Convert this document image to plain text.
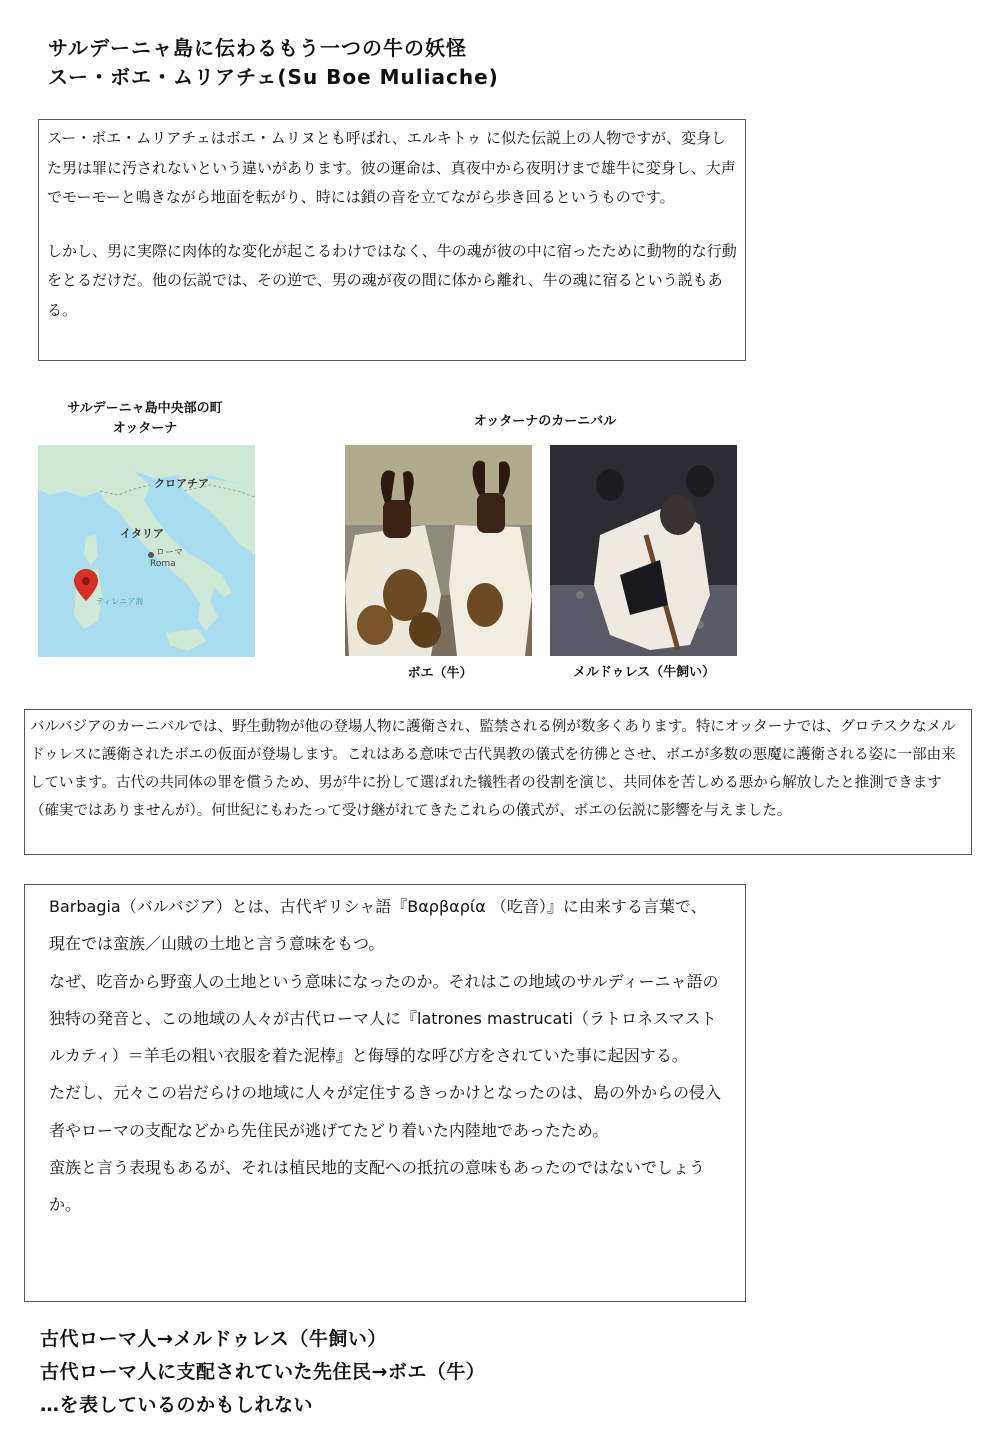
サルデーニャ島に伝わるもう一つの牛の妖怪
スー・ボエ・ムリアチェ(Su Boe Muliache)

スー・ボエ・ムリアチェはボエ・ムリヌとも呼ばれ、エルキトゥ に似た伝説上の人物ですが、変身した男は罪に汚されないという違いがあります。彼の運命は、真夜中から夜明けまで雄牛に変身し、大声でモーモーと鳴きながら地面を転がり、時には鎖の音を立てながら歩き回るというものです。

しかし、男に実際に肉体的な変化が起こるわけではなく、牛の魂が彼の中に宿ったために動物的な行動をとるだけだ。他の伝説では、その逆で、男の魂が夜の間に体から離れ、牛の魂に宿るという説もある。

サルデーニャ島中央部の町
オッターナ
クロアチア
イタリア
ローマ
Roma
ティレニア海
オッターナのカーニバル
ボエ（牛）	メルドゥレス（牛飼い）

バルバジアのカーニバルでは、野生動物が他の登場人物に護衛され、監禁される例が数多くあります。特にオッターナでは、グロテスクなメルドゥレスに護衛されたボエの仮面が登場します。これはある意味で古代異教の儀式を彷彿とさせ、ボエが多数の悪魔に護衛される姿に一部由来しています。古代の共同体の罪を償うため、男が牛に扮して選ばれた犠牲者の役割を演じ、共同体を苦しめる悪から解放したと推測できます（確実ではありませんが）。何世紀にもわたって受け継がれてきたこれらの儀式が、ボエの伝説に影響を与えました。

Barbagia（バルバジア）とは、古代ギリシャ語『Βαρβαρία （吃音）』に由来する言葉で、現在では蛮族／山賊の土地と言う意味をもつ。

なぜ、吃音から野蛮人の土地という意味になったのか。それはこの地域のサルディーニャ語の独特の発音と、この地域の人々が古代ローマ人に『latrones mastrucati（ラトロネスマストルカティ）＝羊毛の粗い衣服を着た泥棒』と侮辱的な呼び方をされていた事に起因する。

ただし、元々この岩だらけの地域に人々が定住するきっかけとなったのは、島の外からの侵入者やローマの支配などから先住民が逃げてたどり着いた内陸地であったため。

蛮族と言う表現もあるが、それは植民地的支配への抵抗の意味もあったのではないでしょうか。

古代ローマ人→メルドゥレス（牛飼い）
古代ローマ人に支配されていた先住民→ボエ（牛）
…を表しているのかもしれない
